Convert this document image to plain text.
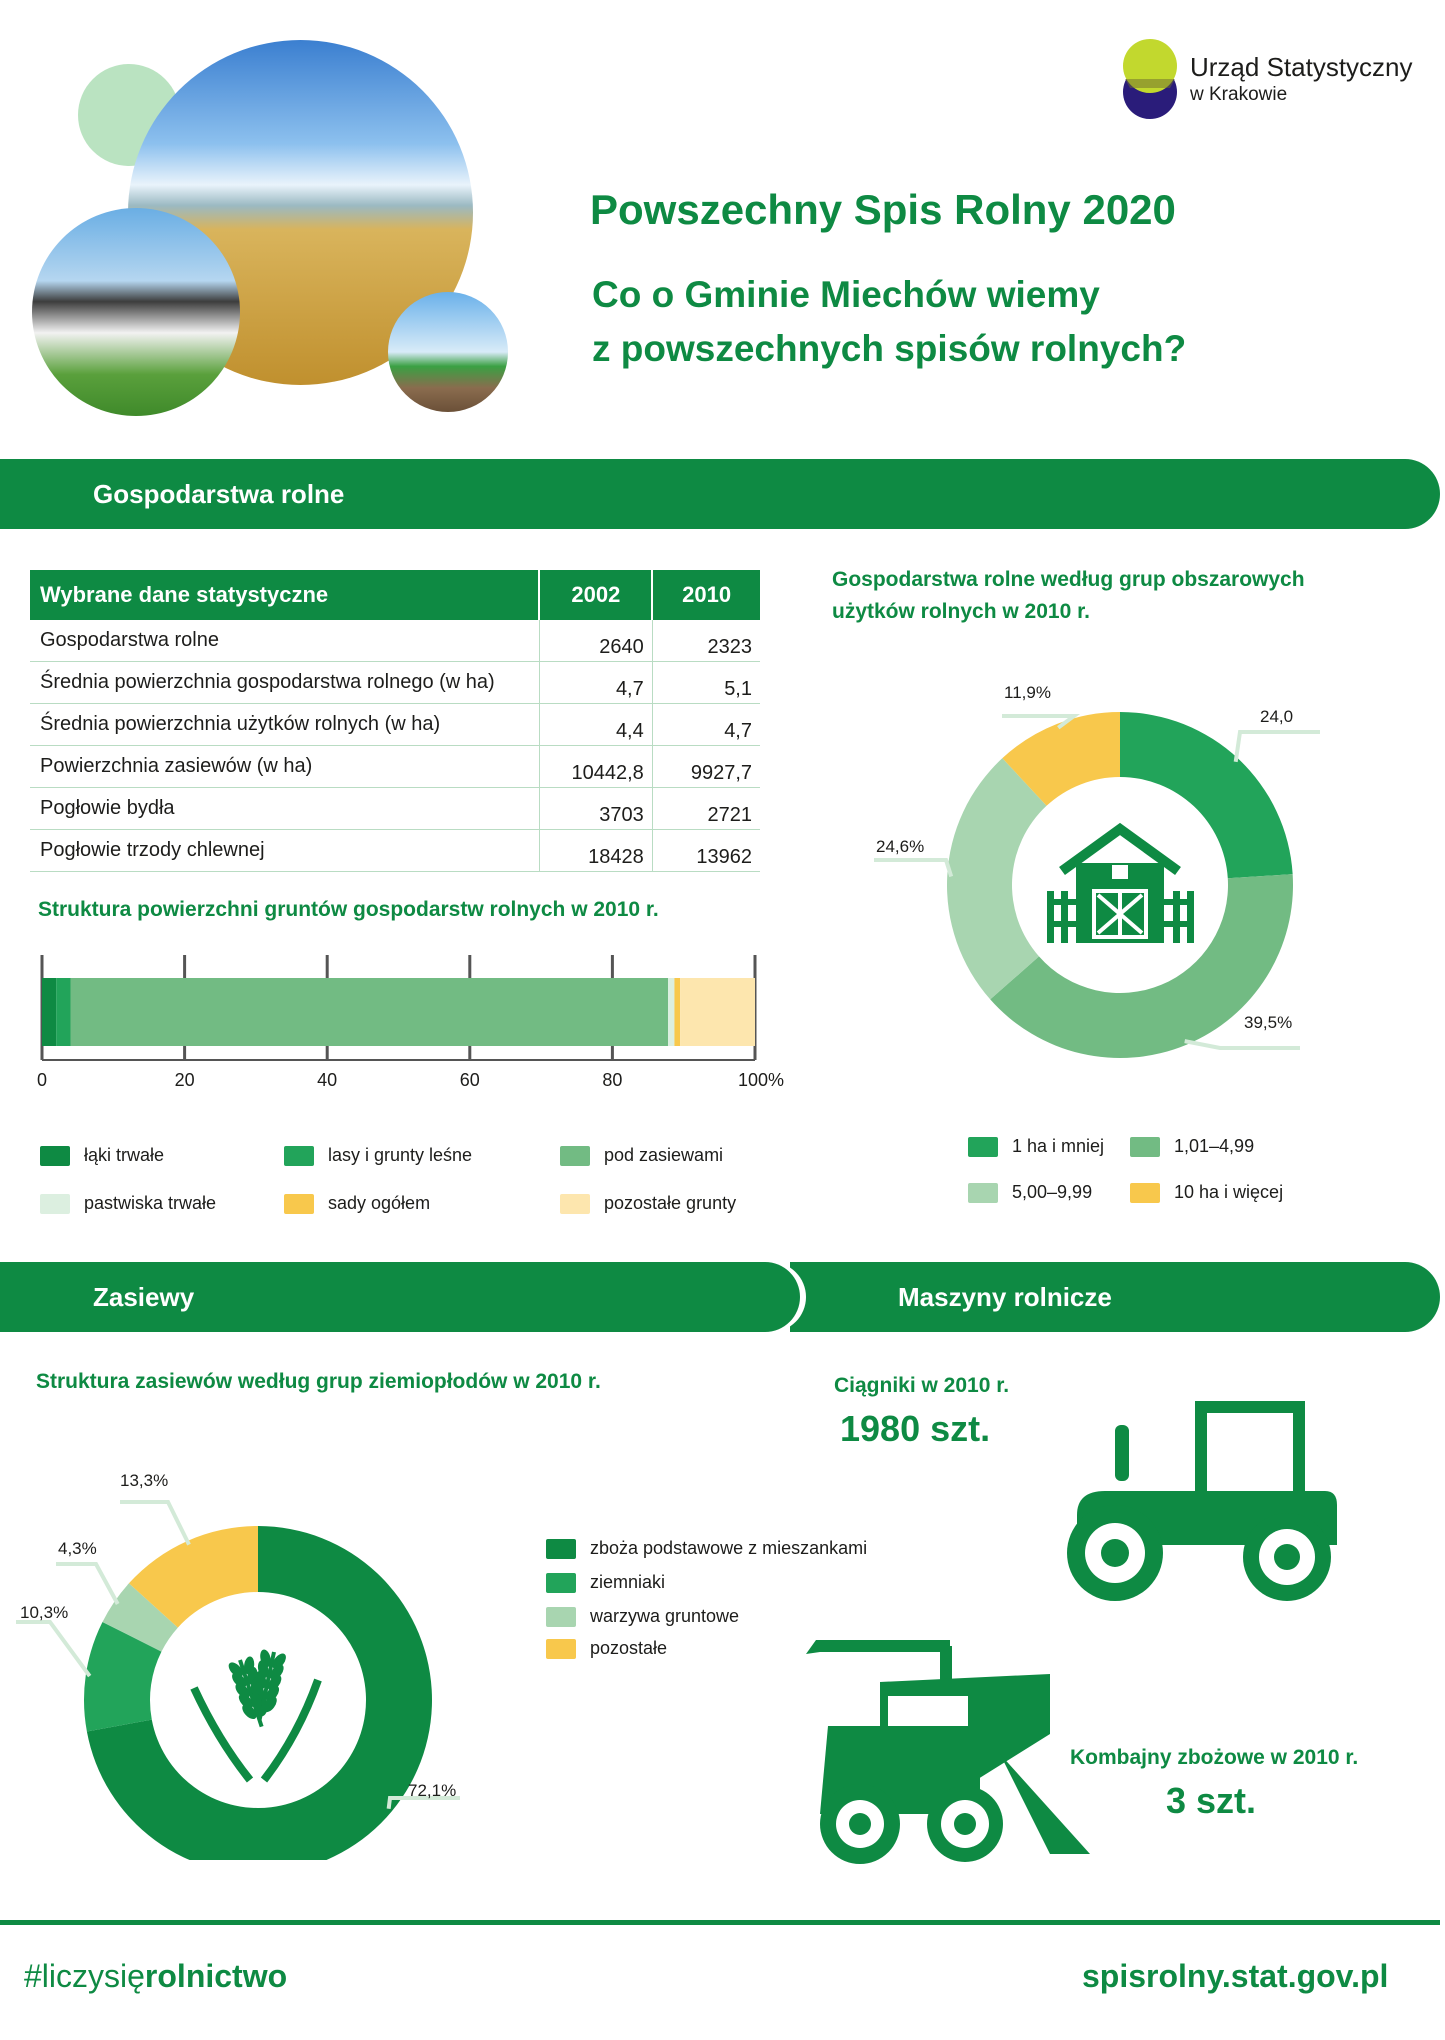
Urząd Statystyczny
w Krakowie
Powszechny Spis Rolny 2020
Co o Gminie Miechów wiemy
z powszechnych spisów rolnych?
Gospodarstwa rolne
Wybrane dane statystyczne	2002	2010
Gospodarstwa rolne	2640	2323
Średnia powierzchnia gospodarstwa rolnego (w ha)	4,7	5,1
Średnia powierzchnia użytków rolnych (w ha)	4,4	4,7
Powierzchnia zasiewów (w ha)	10442,8	9927,7
Pogłowie bydła	3703	2721
Pogłowie trzody chlewnej	18428	13962
Struktura powierzchni gruntów gospodarstw rolnych w 2010 r.
0	20	40	60	80	100%
łąki trwałe	lasy i grunty leśne	pod zasiewami
pastwiska trwałe	sady ogółem	pozostałe grunty
Gospodarstwa rolne według grup obszarowych
użytków rolnych w 2010 r.
24,0
39,5%
24,6%
11,9%
1 ha i mniej	1,01–4,99
5,00–9,99	10 ha i więcej
Zasiewy	Maszyny rolnicze
Struktura zasiewów według grup ziemiopłodów w 2010 r.
72,1%
10,3%
4,3%
13,3%
zboża podstawowe z mieszankami
ziemniaki
warzywa gruntowe
pozostałe
Ciągniki w 2010 r.
1980 szt.
Kombajny zbożowe w 2010 r.
3 szt.
#liczysięrolnictwo	spisrolny.stat.gov.pl
